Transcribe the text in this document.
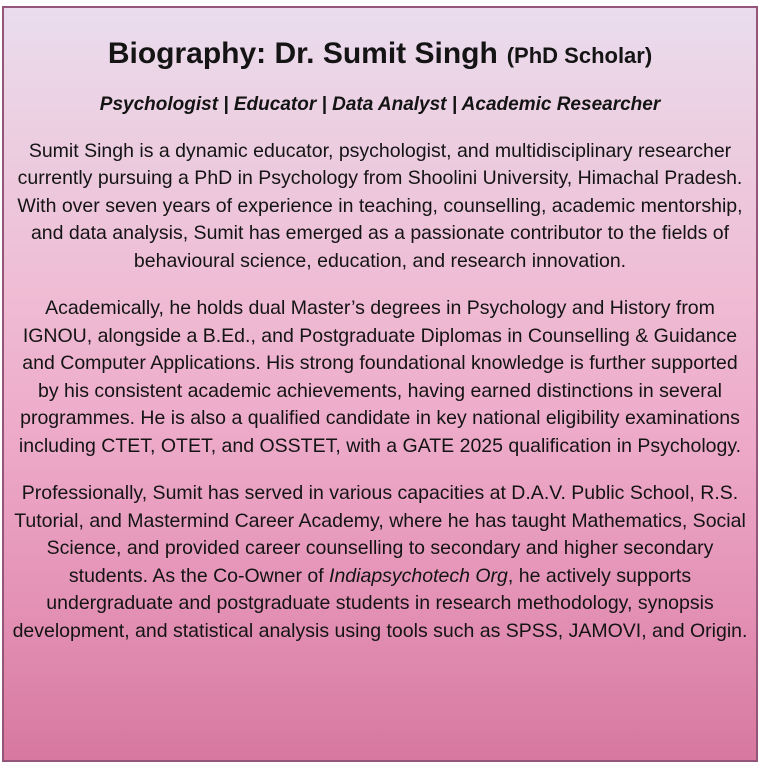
Biography: Dr. Sumit Singh (PhD Scholar)
Psychologist | Educator | Data Analyst | Academic Researcher

Sumit Singh is a dynamic educator, psychologist, and multidisciplinary researcher currently pursuing a PhD in Psychology from Shoolini University, Himachal Pradesh. With over seven years of experience in teaching, counselling, academic mentorship, and data analysis, Sumit has emerged as a passionate contributor to the fields of behavioural science, education, and research innovation.

Academically, he holds dual Master’s degrees in Psychology and History from IGNOU, alongside a B.Ed., and Postgraduate Diplomas in Counselling & Guidance and Computer Applications. His strong foundational knowledge is further supported by his consistent academic achievements, having earned distinctions in several programmes. He is also a qualified candidate in key national eligibility examinations including CTET, OTET, and OSSTET, with a GATE 2025 qualification in Psychology.

Professionally, Sumit has served in various capacities at D.A.V. Public School, R.S. Tutorial, and Mastermind Career Academy, where he has taught Mathematics, Social Science, and provided career counselling to secondary and higher secondary students. As the Co-Owner of Indiapsychotech Org, he actively supports undergraduate and postgraduate students in research methodology, synopsis development, and statistical analysis using tools such as SPSS, JAMOVI, and Origin.
